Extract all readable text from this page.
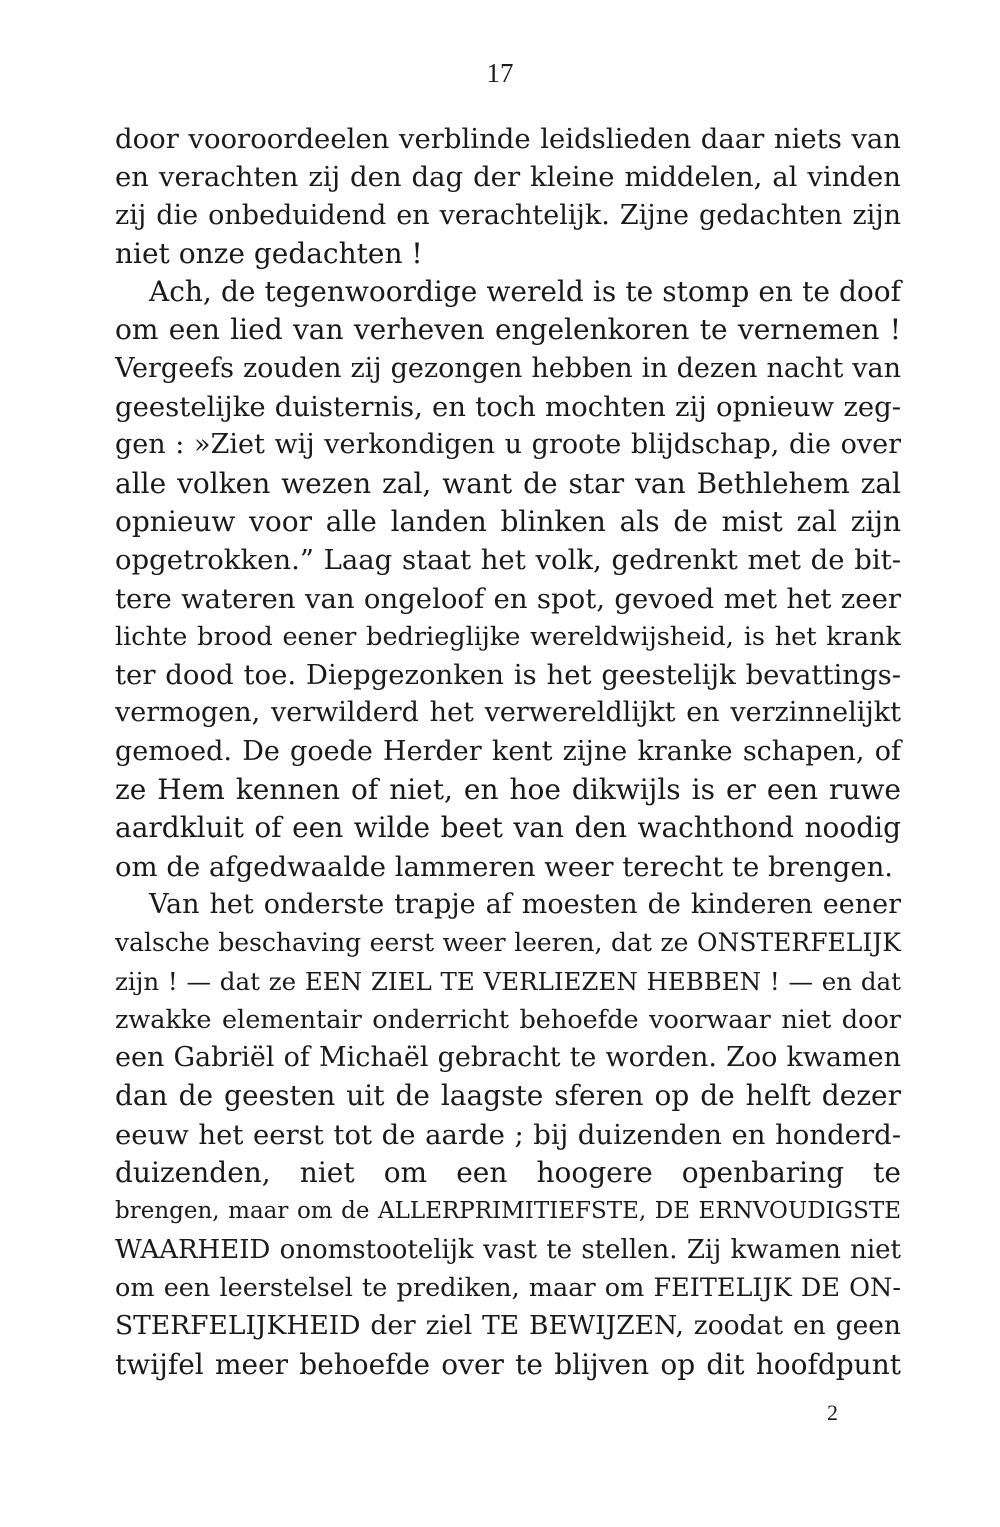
17
door vooroordeelen verblinde leidslieden daar niets van
en verachten zij den dag der kleine middelen, al vinden
zij die onbeduidend en verachtelijk. Zijne gedachten zijn
niet onze gedachten !
Ach, de tegenwoordige wereld is te stomp en te doof
om een lied van verheven engelenkoren te vernemen !
Vergeefs zouden zij gezongen hebben in dezen nacht van
geestelijke duisternis, en toch mochten zij opnieuw zeg-
gen : »Ziet wij verkondigen u groote blijdschap, die over
alle volken wezen zal, want de star van Bethlehem zal
opnieuw voor alle landen blinken als de mist zal zijn
opgetrokken.” Laag staat het volk, gedrenkt met de bit-
tere wateren van ongeloof en spot, gevoed met het zeer
lichte brood eener bedrieglijke wereldwijsheid, is het krank
ter dood toe. Diepgezonken is het geestelijk bevattings-
vermogen, verwilderd het verwereldlijkt en verzinnelijkt
gemoed. De goede Herder kent zijne kranke schapen, of
ze Hem kennen of niet, en hoe dikwijls is er een ruwe
aardkluit of een wilde beet van den wachthond noodig
om de afgedwaalde lammeren weer terecht te brengen.
Van het onderste trapje af moesten de kinderen eener
valsche beschaving eerst weer leeren, dat ze ONSTERFELIJK
zijn ! — dat ze EEN ZIEL TE VERLIEZEN HEBBEN ! — en dat
zwakke elementair onderricht behoefde voorwaar niet door
een Gabriël of Michaël gebracht te worden. Zoo kwamen
dan de geesten uit de laagste sferen op de helft dezer
eeuw het eerst tot de aarde ; bij duizenden en honderd-
duizenden, niet om een hoogere openbaring te
brengen, maar om de ALLERPRIMITIEFSTE, DE ERNVOUDIGSTE
WAARHEID onomstootelijk vast te stellen. Zij kwamen niet
om een leerstelsel te prediken, maar om FEITELIJK DE ON-
STERFELIJKHEID der ziel TE BEWIJZEN, zoodat en geen
twijfel meer behoefde over te blijven op dit hoofdpunt
2
